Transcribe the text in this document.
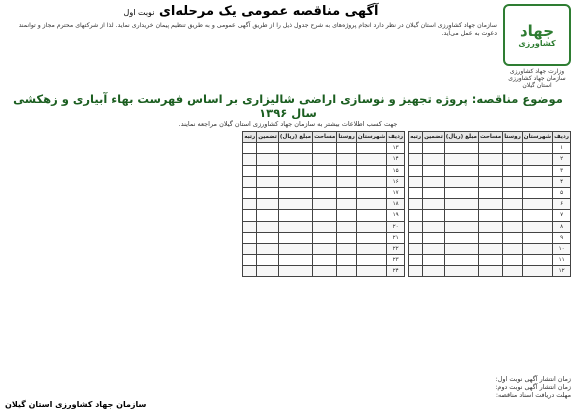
جهاد
کشاورزی
وزارت جهاد کشاورزی سازمان جهاد کشاورزی استان گیلان
آگهی مناقصه عمومی یک مرحله‌ای نوبت اول
سازمان جهاد کشاورزی استان گیلان در نظر دارد انجام پروژه‌های به شرح جدول ذیل را از طریق آگهی عمومی و به طریق تنظیم پیمان خریداری نماید. لذا از شرکتهای محترم مجاز و توانمند دعوت به عمل می‌آید.
موضوع مناقصه: پروژه تجهیز و نوسازی اراضی شالیزاری بر اساس فهرست بهاء آبیاری و زهکشی سال ۱۳۹۶
جهت کسب اطلاعات بیشتر به سازمان جهاد کشاورزی استان گیلان مراجعه نمایند.
ردیف	شهرستان	روستا	مساحت	مبلغ (ریال)	تضمین	رتبه
۱						
۲						
۳						
۴						
۵						
۶						
۷						
۸						
۹						
۱۰						
۱۱						
۱۲						
ردیف	شهرستان	روستا	مساحت	مبلغ (ریال)	تضمین	رتبه
۱۳						
۱۴						
۱۵						
۱۶						
۱۷						
۱۸						
۱۹						
۲۰						
۲۱						
۲۲						
۲۳						
۲۴						
زمان انتشار آگهی نوبت اول:
زمان انتشار آگهی نوبت دوم:
مهلت دریافت اسناد مناقصه:
سازمان جهاد کشاورزی استان گیلان
